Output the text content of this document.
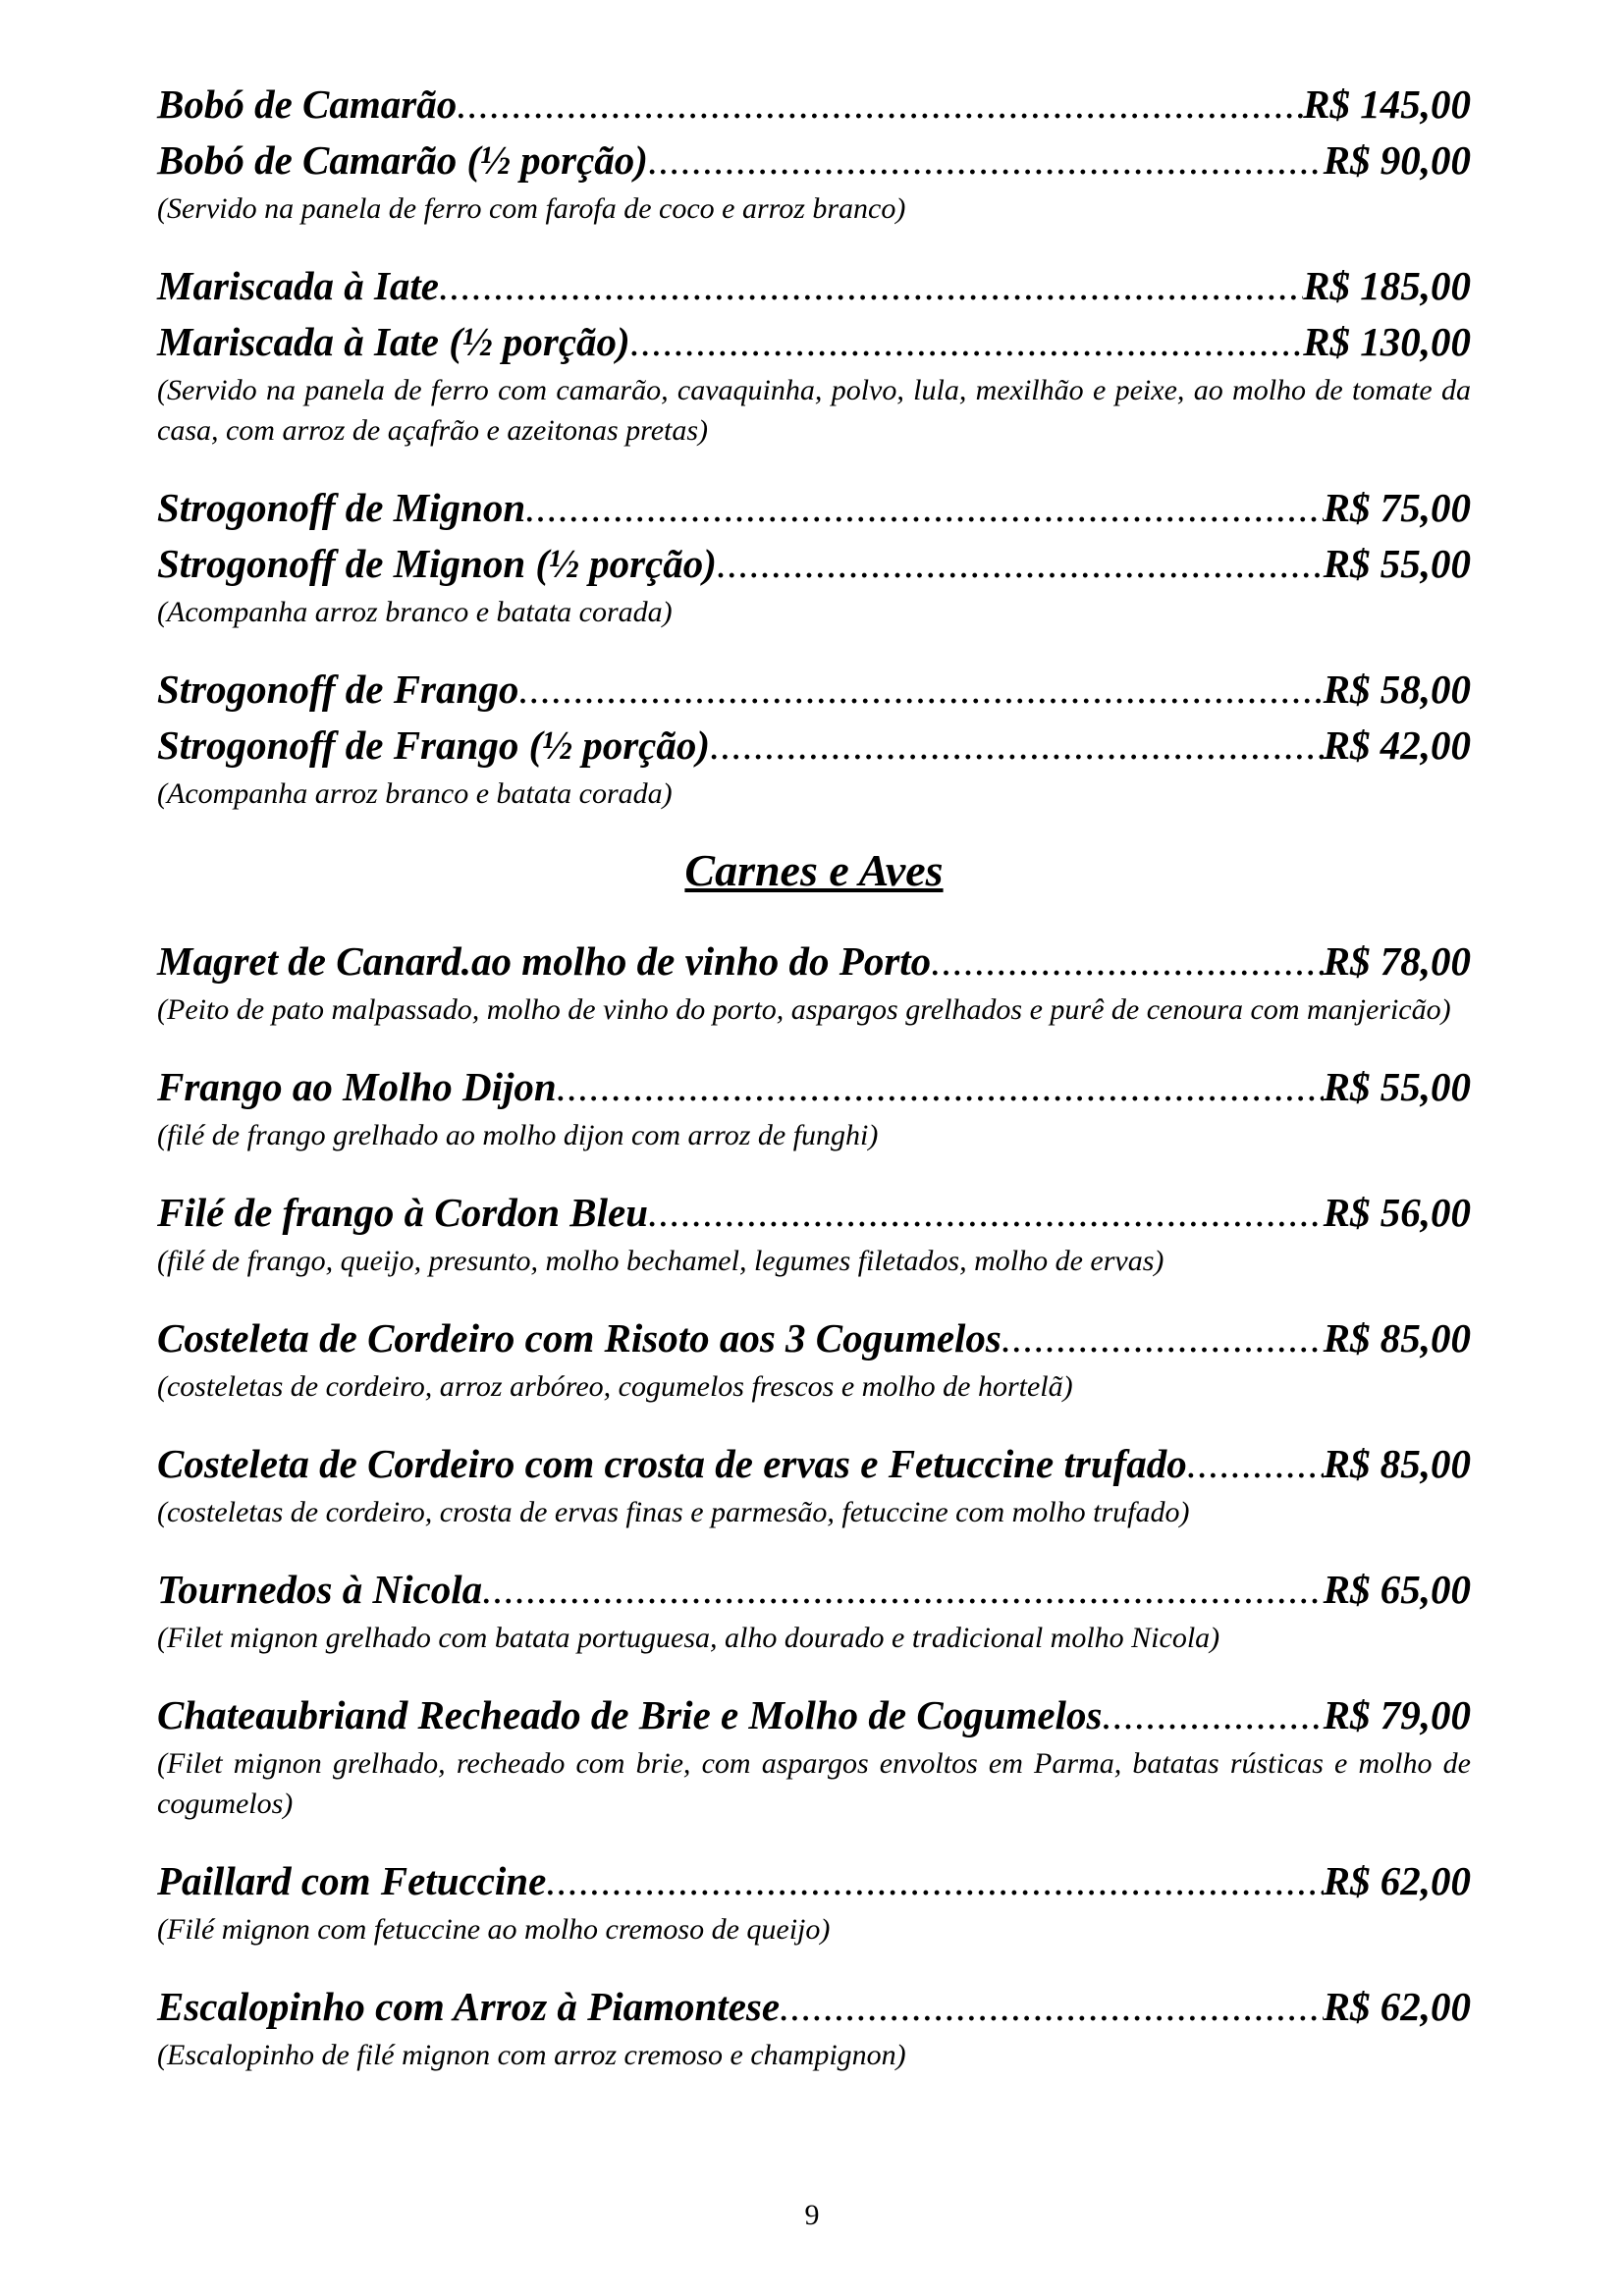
Bobó de Camarão .....	R$ 145,00
Bobó de Camarão (½ porção) .....	R$ 90,00
(Servido na panela de ferro com farofa de coco e arroz branco)
Mariscada à Iate .....	R$ 185,00
Mariscada à Iate (½ porção) .....	R$ 130,00
(Servido na panela de ferro com camarão, cavaquinha, polvo, lula, mexilhão e peixe, ao molho de tomate da casa, com arroz de açafrão e azeitonas pretas)
Strogonoff de Mignon .....	R$ 75,00
Strogonoff de Mignon (½ porção) .....	R$ 55,00
(Acompanha arroz branco e batata corada)
Strogonoff de Frango .....	R$ 58,00
Strogonoff de Frango (½ porção) .....	R$ 42,00
(Acompanha arroz branco e batata corada)
Carnes e Aves
Magret de Canard.ao molho de vinho do Porto .....	R$ 78,00
(Peito de pato malpassado, molho de vinho do porto, aspargos grelhados e purê de cenoura com manjericão)
Frango ao Molho Dijon .....	R$ 55,00
(filé de frango grelhado ao molho dijon com arroz de funghi)
Filé de frango à Cordon Bleu .....	R$ 56,00
(filé de frango, queijo, presunto, molho bechamel, legumes filetados, molho de ervas)
Costeleta de Cordeiro com Risoto aos 3 Cogumelos .....	R$ 85,00
(costeletas de cordeiro, arroz arbóreo, cogumelos frescos e molho de hortelã)
Costeleta de Cordeiro com crosta de ervas e Fetuccine trufado .....	R$ 85,00
(costeletas de cordeiro, crosta de ervas finas e parmesão, fetuccine com molho trufado)
Tournedos à Nicola .....	R$ 65,00
(Filet mignon grelhado com batata portuguesa, alho dourado e tradicional molho Nicola)
Chateaubriand Recheado de Brie e Molho de Cogumelos .....	R$ 79,00
(Filet mignon grelhado, recheado com brie, com aspargos envoltos em Parma, batatas rústicas e molho de cogumelos)
Paillard com Fetuccine .....	R$ 62,00
(Filé mignon com fetuccine ao molho cremoso de queijo)
Escalopinho com Arroz à Piamontese .....	R$ 62,00
(Escalopinho de filé mignon com arroz cremoso e champignon)
9
